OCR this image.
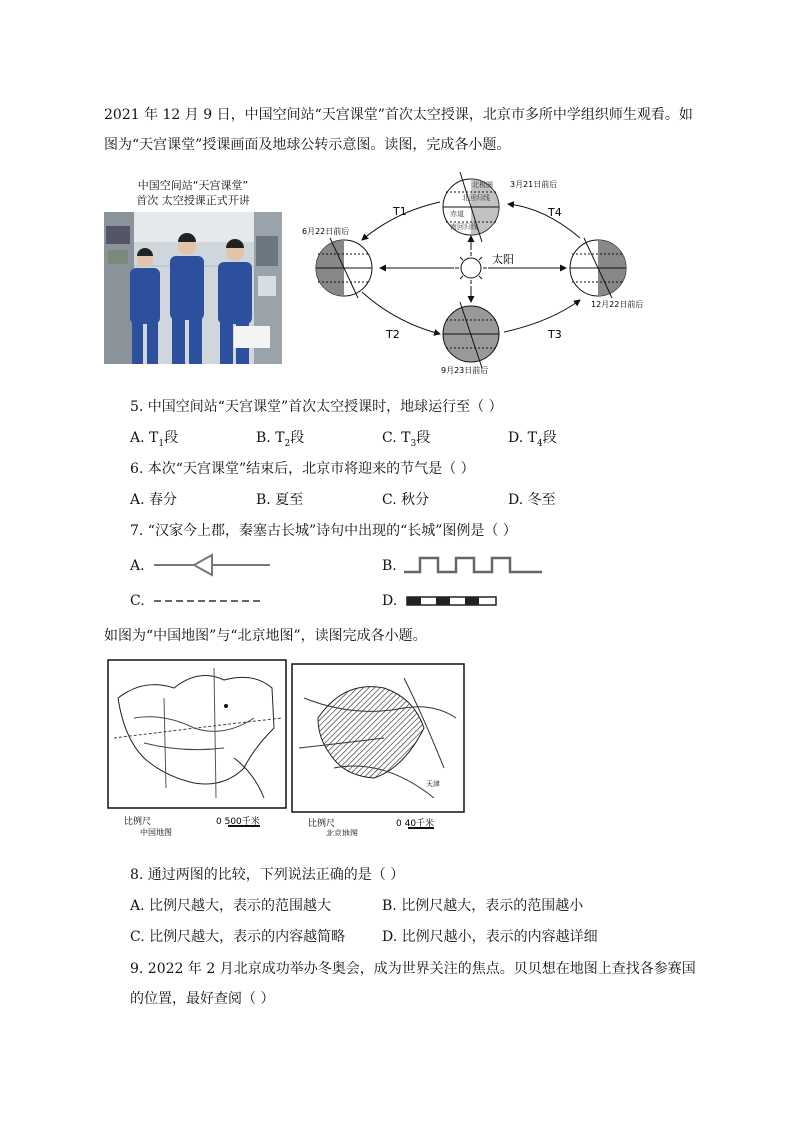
2021 年 12 月 9 日，中国空间站“天宫课堂”首次太空授课，北京市多所中学组织师生观看。如
图为“天宫课堂”授课画面及地球公转示意图。读图，完成各小题。
中国空间站“天宫课堂”
首次 太空授课正式开讲
T1
T2	T3
T4
太阳
北极圈
北回归线
赤道
南回归线
3月21日前后
6月22日前后
12月22日前后
9月23日前后
5. 中国空间站“天宫课堂”首次太空授课时，地球运行至（ ）
A. $T_1$段	B. $T_2$段	C. $T_3$段	D. $T_4$段
6. 本次“天宫课堂”结束后，北京市将迎来的节气是（ ）
A. 春分	B. 夏至	C. 秋分	D. 冬至
7. “汉家今上郡，秦塞古长城”诗句中出现的“长城”图例是（ ）
A.	B.
C.	D.
如图为“中国地图”与“北京地图”，读图完成各小题。
比例尺	0 500千米
中国地图
天津
比例尺	0 40千米
北京地图
8. 通过两图的比较，下列说法正确的是（ ）
A. 比例尺越大，表示的范围越大	B. 比例尺越大，表示的范围越小
C. 比例尺越大，表示的内容越简略	D. 比例尺越小，表示的内容越详细
9. 2022 年 2 月北京成功举办冬奥会，成为世界关注的焦点。贝贝想在地图上查找各参赛国
的位置，最好查阅（ ）
